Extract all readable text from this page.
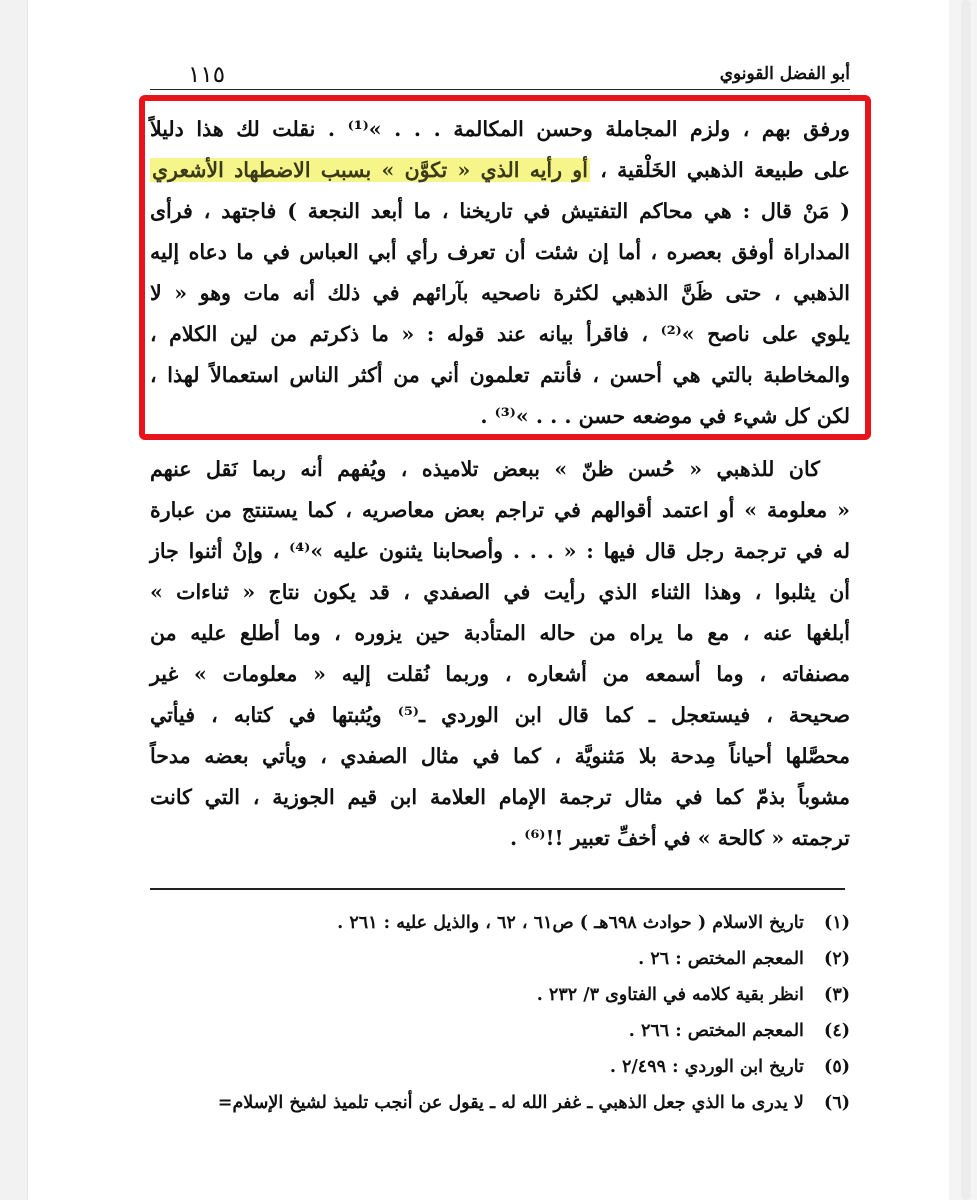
١١٥	أبو الفضل القونوي
ورفق بهم ، ولزم المجاملة وحسن المكالمة . . . »⁽¹⁾ . نقلت لك هذا دليلاً
على طبيعة الذهبي الخَلْقية ، أو رأيه الذي « تكوَّن » بسبب الاضطهاد الأشعري
( مَنْ قال : هي محاكم التفتيش في تاريخنا ، ما أبعد النجعة ) فاجتهد ، فرأى
المداراة أوفق بعصره ، أما إن شئت أن تعرف رأي أبي العباس في ما دعاه إليه
الذهبي ، حتى ظَنَّ الذهبي لكثرة ناصحيه بآرائهم في ذلك أنه مات وهو « لا
يلوي على ناصح »⁽²⁾ ، فاقرأ بيانه عند قوله : « ما ذكرتم من لين الكلام ،
والمخاطبة بالتي هي أحسن ، فأنتم تعلمون أني من أكثر الناس استعمالاً لهذا ،
لكن كل شيء في موضعه حسن . . . »⁽³⁾ .
كان للذهبي « حُسن ظنّ » ببعض تلاميذه ، ويُفهم أنه ربما نَقل عنهم
« معلومة » أو اعتمد أقوالهم في تراجم بعض معاصريه ، كما يستنتج من عبارة
له في ترجمة رجل قال فيها : « . . . وأصحابنا يثنون عليه »⁽⁴⁾ ، وإنْ أثنوا جاز
أن يثلبوا ، وهذا الثناء الذي رأيت في الصفدي ، قد يكون نتاج « ثناءات »
أبلغها عنه ، مع ما يراه من حاله المتأدبة حين يزوره ، وما أطلع عليه من
مصنفاته ، وما أسمعه من أشعاره ، وربما نُقلت إليه « معلومات » غير
صحيحة ، فيستعجل ـ كما قال ابن الوردي ـ⁽⁵⁾ ويُثبتها في كتابه ، فيأتي
محصَّلها أحياناً مِدحة بلا مَثنويَّة ، كما في مثال الصفدي ، ويأتي بعضه مدحاً
مشوباً بذمّ كما في مثال ترجمة الإمام العلامة ابن قيم الجوزية ، التي كانت
ترجمته « كالحة » في أخفِّ تعبير !!⁽⁶⁾ .
(١) تاريخ الاسلام ( حوادث ٦٩٨هـ ) ص٦١ ، ٦٢ ، والذيل عليه : ٢٦١ .
(٢) المعجم المختص : ٢٦ .
(٣) انظر بقية كلامه في الفتاوى ٣/ ٢٣٢ .
(٤) المعجم المختص : ٢٦٦ .
(٥) تاريخ ابن الوردي : ٢/٤٩٩ .
(٦) لا يدرى ما الذي جعل الذهبي ـ غفر الله له ـ يقول عن أنجب تلميذ لشيخ الإسلام=
